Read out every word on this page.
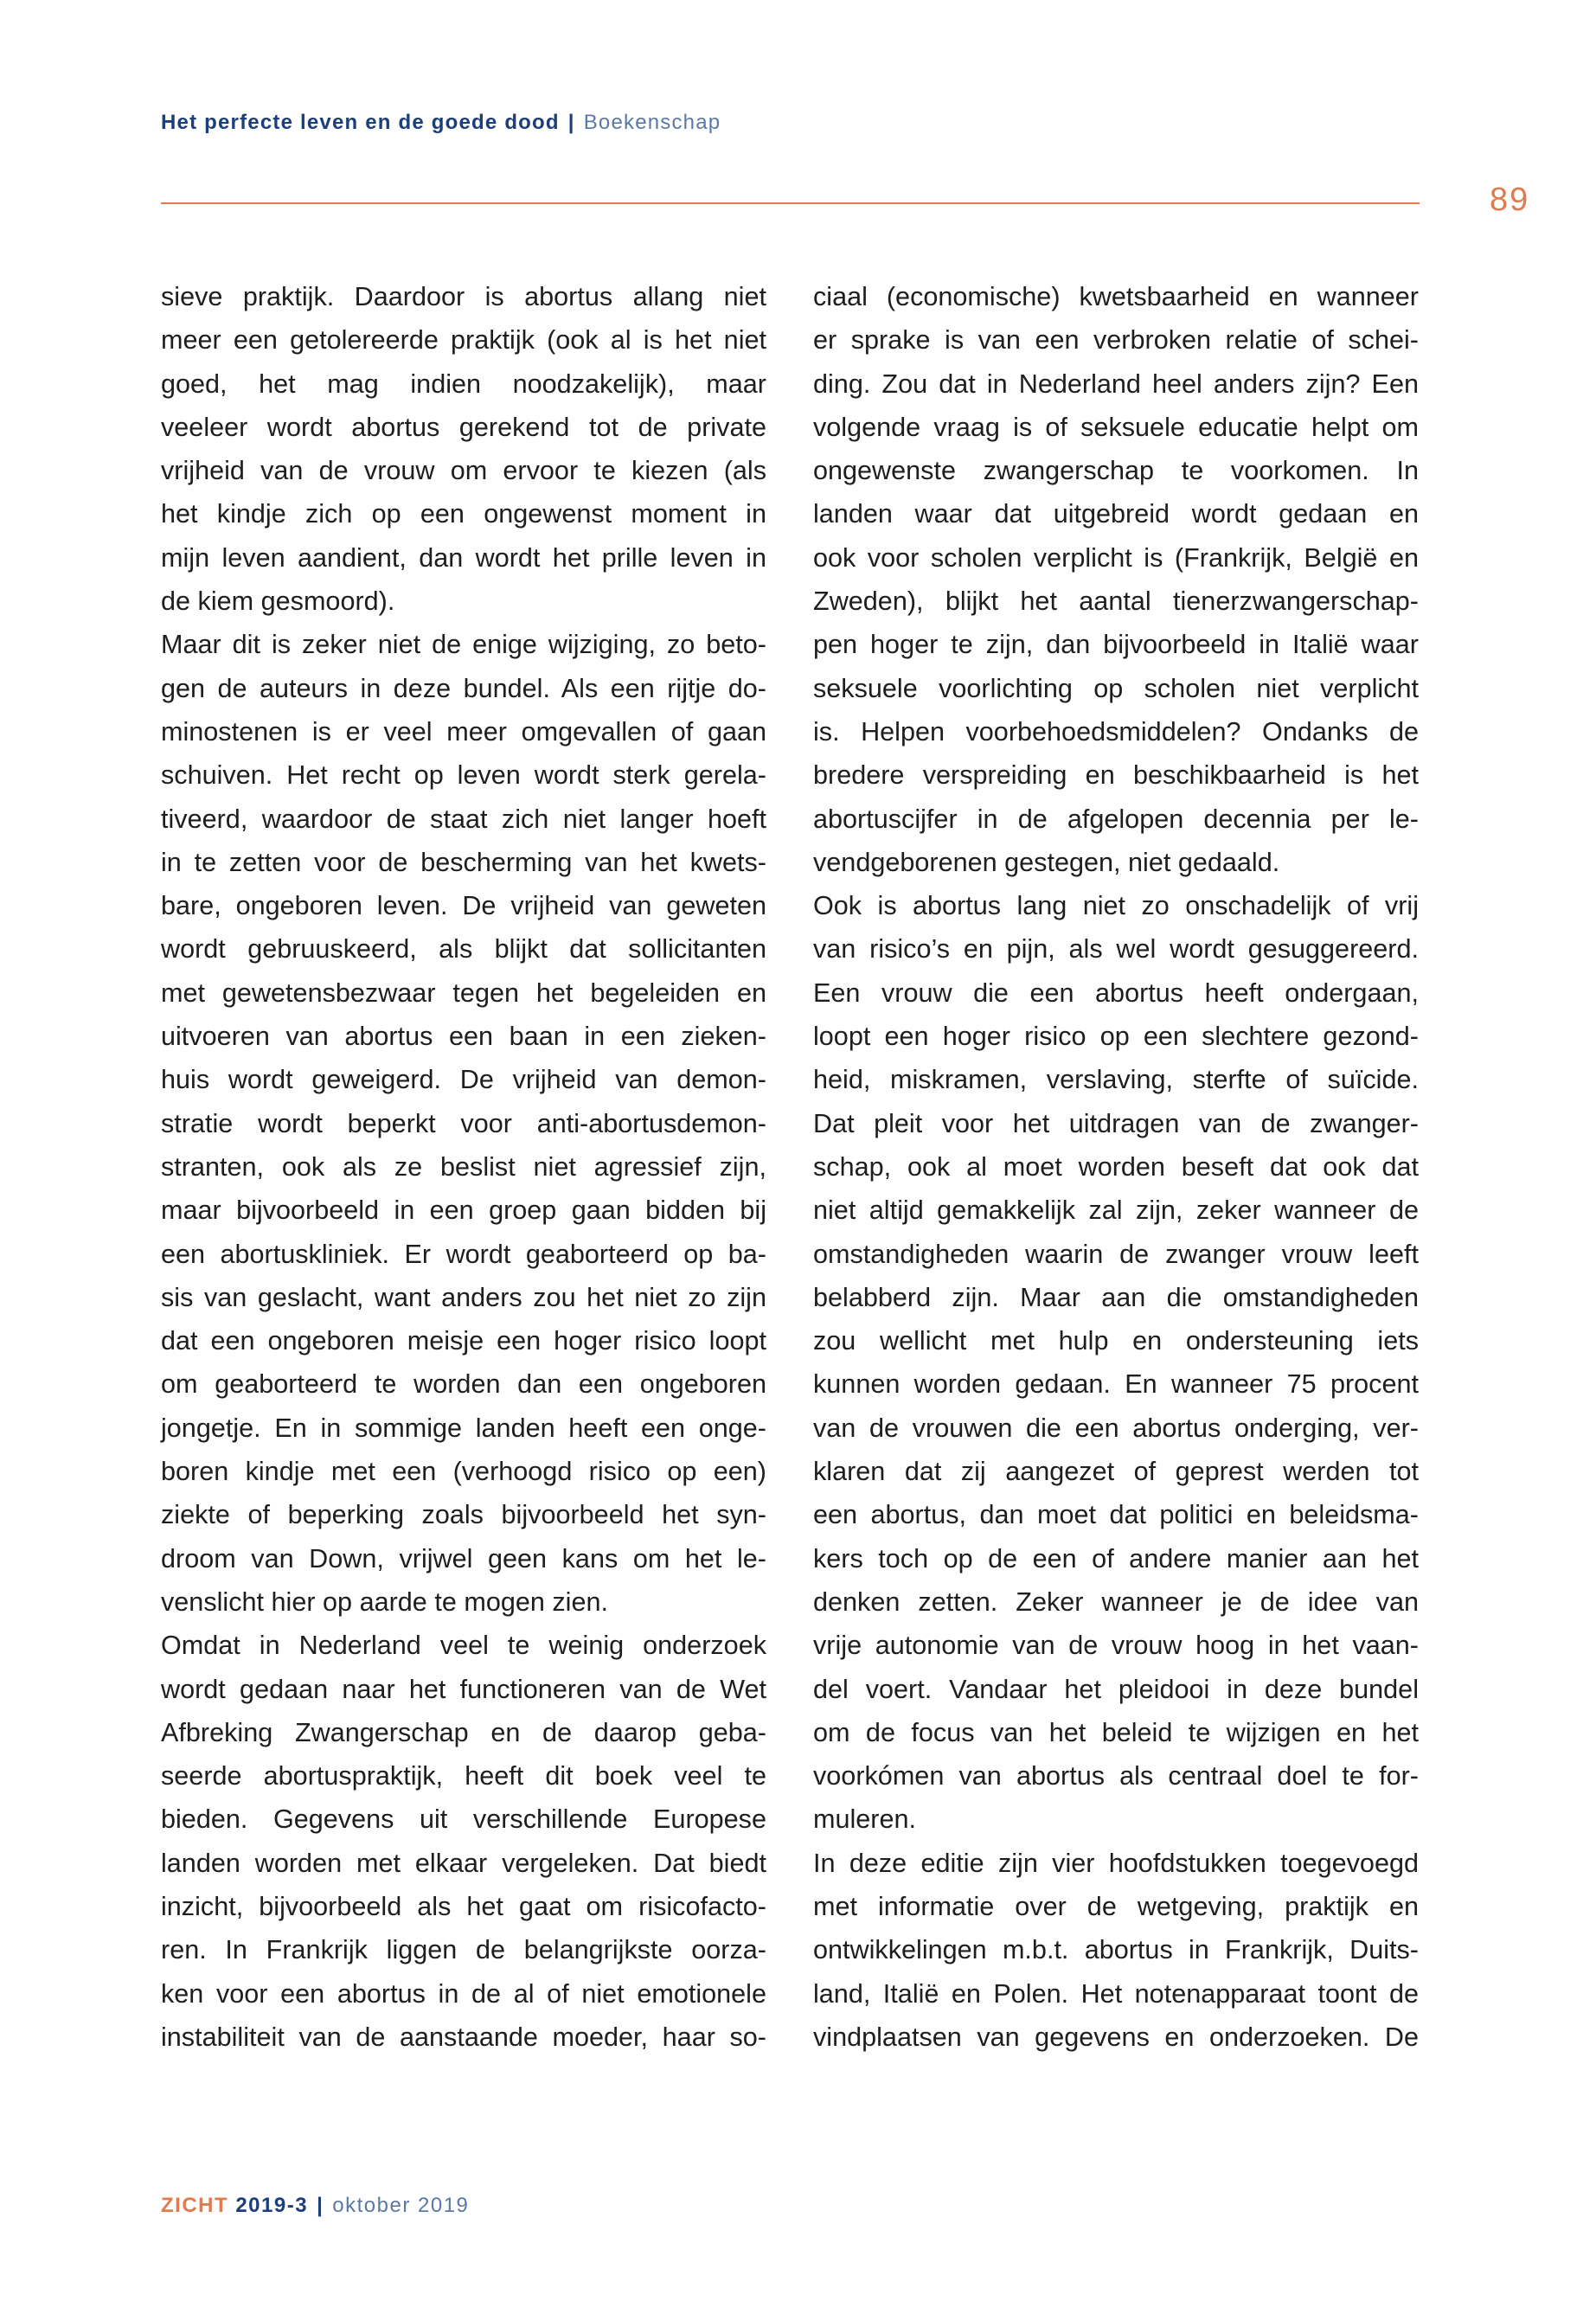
Het perfecte leven en de goede dood | Boekenschap
89

sieve praktijk. Daardoor is abortus allang niet
meer een getolereerde praktijk (ook al is het niet
goed, het mag indien noodzakelijk), maar
veeleer wordt abortus gerekend tot de private
vrijheid van de vrouw om ervoor te kiezen (als
het kindje zich op een ongewenst moment in
mijn leven aandient, dan wordt het prille leven in
de kiem gesmoord).

Maar dit is zeker niet de enige wijziging, zo beto-
gen de auteurs in deze bundel. Als een rijtje do-
minostenen is er veel meer omgevallen of gaan
schuiven. Het recht op leven wordt sterk gerela-
tiveerd, waardoor de staat zich niet langer hoeft
in te zetten voor de bescherming van het kwets-
bare, ongeboren leven. De vrijheid van geweten
wordt gebruuskeerd, als blijkt dat sollicitanten
met gewetensbezwaar tegen het begeleiden en
uitvoeren van abortus een baan in een zieken-
huis wordt geweigerd. De vrijheid van demon-
stratie wordt beperkt voor anti-abortusdemon-
stranten, ook als ze beslist niet agressief zijn,
maar bijvoorbeeld in een groep gaan bidden bij
een abortuskliniek. Er wordt geaborteerd op ba-
sis van geslacht, want anders zou het niet zo zijn
dat een ongeboren meisje een hoger risico loopt
om geaborteerd te worden dan een ongeboren
jongetje. En in sommige landen heeft een onge-
boren kindje met een (verhoogd risico op een)
ziekte of beperking zoals bijvoorbeeld het syn-
droom van Down, vrijwel geen kans om het le-
venslicht hier op aarde te mogen zien.

Omdat in Nederland veel te weinig onderzoek
wordt gedaan naar het functioneren van de Wet
Afbreking Zwangerschap en de daarop geba-
seerde abortuspraktijk, heeft dit boek veel te
bieden. Gegevens uit verschillende Europese
landen worden met elkaar vergeleken. Dat biedt
inzicht, bijvoorbeeld als het gaat om risicofacto-
ren. In Frankrijk liggen de belangrijkste oorza-
ken voor een abortus in de al of niet emotionele
instabiliteit van de aanstaande moeder, haar so-

ciaal (economische) kwetsbaarheid en wanneer
er sprake is van een verbroken relatie of schei-
ding. Zou dat in Nederland heel anders zijn? Een
volgende vraag is of seksuele educatie helpt om
ongewenste zwangerschap te voorkomen. In
landen waar dat uitgebreid wordt gedaan en
ook voor scholen verplicht is (Frankrijk, België en
Zweden), blijkt het aantal tienerzwangerschap-
pen hoger te zijn, dan bijvoorbeeld in Italië waar
seksuele voorlichting op scholen niet verplicht
is. Helpen voorbehoedsmiddelen? Ondanks de
bredere verspreiding en beschikbaarheid is het
abortuscijfer in de afgelopen decennia per le-
vendgeborenen gestegen, niet gedaald.

Ook is abortus lang niet zo onschadelijk of vrij
van risico’s en pijn, als wel wordt gesuggereerd.
Een vrouw die een abortus heeft ondergaan,
loopt een hoger risico op een slechtere gezond-
heid, miskramen, verslaving, sterfte of suïcide.
Dat pleit voor het uitdragen van de zwanger-
schap, ook al moet worden beseft dat ook dat
niet altijd gemakkelijk zal zijn, zeker wanneer de
omstandigheden waarin de zwanger vrouw leeft
belabberd zijn. Maar aan die omstandigheden
zou wellicht met hulp en ondersteuning iets
kunnen worden gedaan. En wanneer 75 procent
van de vrouwen die een abortus onderging, ver-
klaren dat zij aangezet of geprest werden tot
een abortus, dan moet dat politici en beleidsma-
kers toch op de een of andere manier aan het
denken zetten. Zeker wanneer je de idee van
vrije autonomie van de vrouw hoog in het vaan-
del voert. Vandaar het pleidooi in deze bundel
om de focus van het beleid te wijzigen en het
voorkómen van abortus als centraal doel te for-
muleren.

In deze editie zijn vier hoofdstukken toegevoegd
met informatie over de wetgeving, praktijk en
ontwikkelingen m.b.t. abortus in Frankrijk, Duits-
land, Italië en Polen. Het notenapparaat toont de
vindplaatsen van gegevens en onderzoeken. De

ZICHT 2019-3 | oktober 2019
